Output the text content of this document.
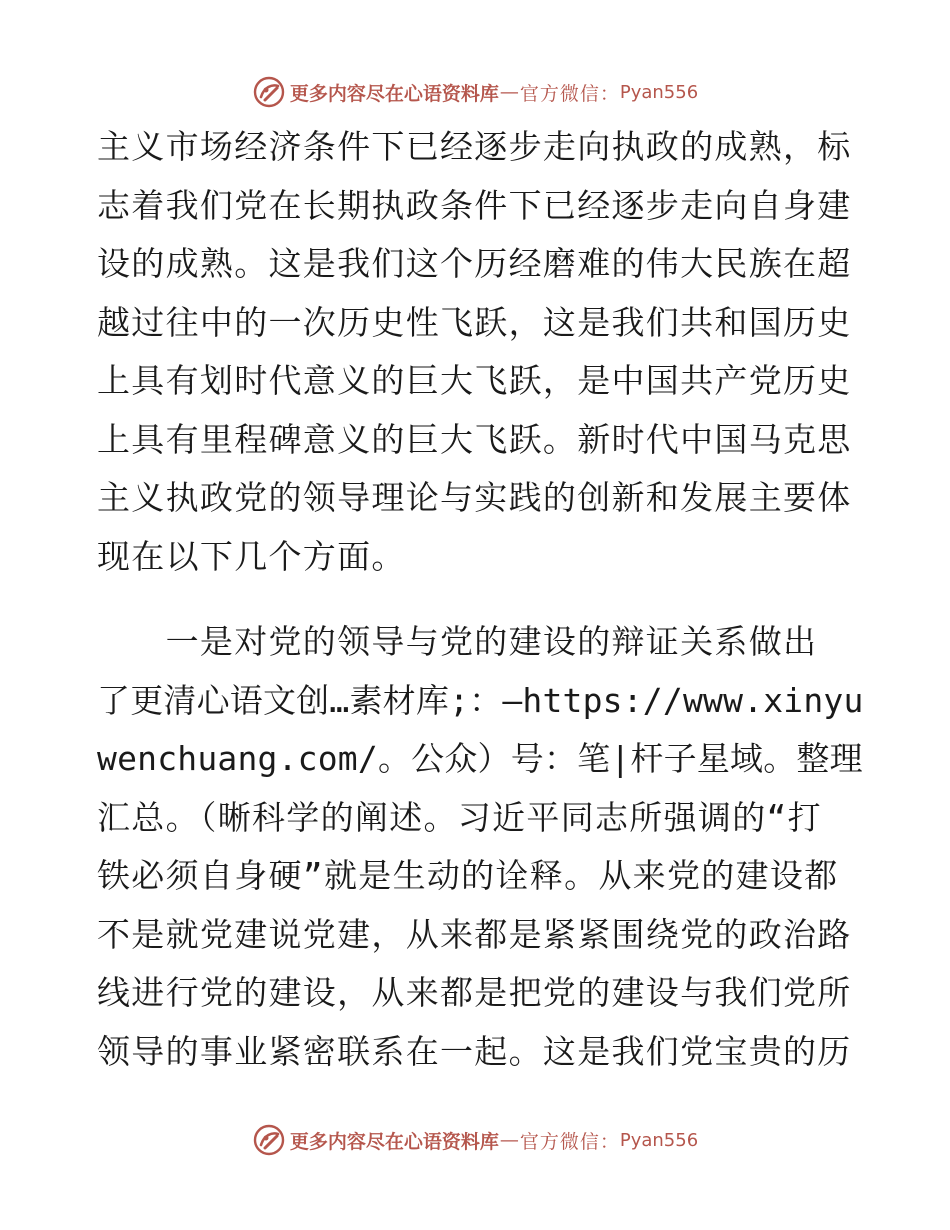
更多内容尽在心语资料库 — 官方微信： Pyan556
主义市场经济条件下已经逐步走向执政的成熟，标
志着我们党在长期执政条件下已经逐步走向自身建
设的成熟。这是我们这个历经磨难的伟大民族在超
越过往中的一次历史性飞跃，这是我们共和国历史
上具有划时代意义的巨大飞跃，是中国共产党历史
上具有里程碑意义的巨大飞跃。新时代中国马克思
主义执政党的领导理论与实践的创新和发展主要体
现在以下几个方面。
　　一是对党的领导与党的建设的辩证关系做出
了更清心语文创…素材库;：—https://www.xinyu
wenchuang.com/。公众）号：笔|杆子星域。整理
汇总。（晰科学的阐述。习近平同志所强调的“打
铁必须自身硬”就是生动的诠释。从来党的建设都
不是就党建说党建，从来都是紧紧围绕党的政治路
线进行党的建设，从来都是把党的建设与我们党所
领导的事业紧密联系在一起。这是我们党宝贵的历
更多内容尽在心语资料库 — 官方微信： Pyan556
